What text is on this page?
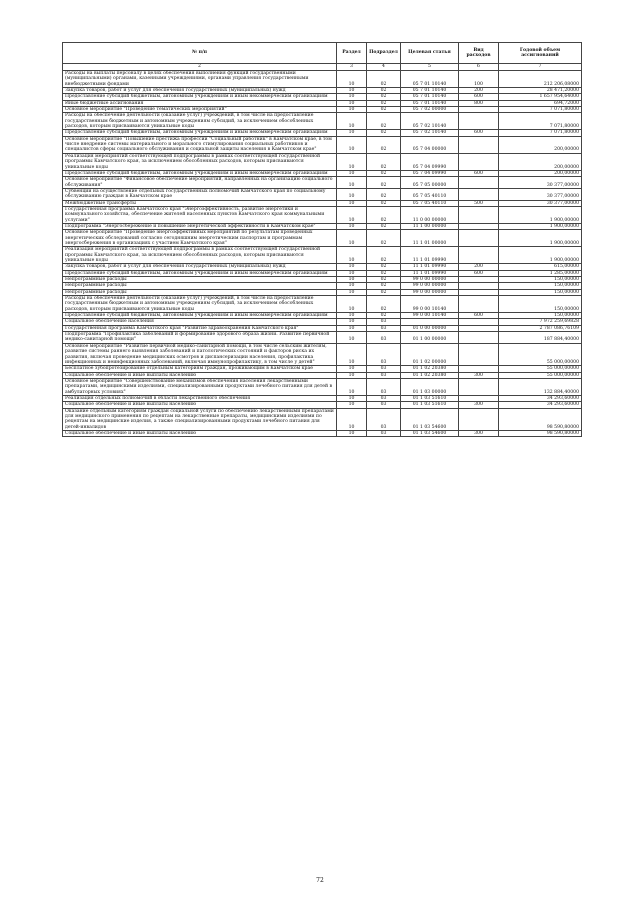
№ п/п	Раздел	Подраздел	Целевая статья	Вид расходов	Годовой объем ассигнований
2	3	4	5	6	7
Расходы на выплаты персоналу в целях обеспечения выполнения функций государственными (муниципальными) органами, казенными учреждениями, органами управления государственными внебюджетными фондами	10	02	05 7 01 10140	100	212 206,08000
Закупка товаров, работ и услуг для обеспечения государственных (муниципальных) нужд	10	02	05 7 01 10140	200	28 471,20000
Предоставление субсидий бюджетным, автономным учреждениям и иным некоммерческим организациям	10	02	05 7 01 10140	600	1 657 954,64000
Иные бюджетные ассигнования	10	02	05 7 01 10140	800	694,72000
Основное мероприятие "Проведение тематических мероприятий"	10	02	05 7 02 00000		7 071,80000
Расходы на обеспечение деятельности (оказание услуг) учреждений, в том числе на предоставление государственным бюджетным и автономным учреждениям субсидий, за исключением обособленных расходов, которым присваиваются уникальные коды	10	02	05 7 02 10140		7 071,80000
Предоставление субсидий бюджетным, автономным учреждениям и иным некоммерческим организациям	10	02	05 7 02 10140	600	7 071,80000
Основное мероприятие "Повышение престижа профессии "Социальный работник" в Камчатском крае, в том числе внедрение системы материального и морального стимулирования социальных работников и специалистов сферы социального обслуживания и социальной защиты населения в Камчатском крае"	10	02	05 7 04 00000		200,00000
Реализация мероприятий соответствующей подпрограммы в рамках соответствующей государственной программы Камчатского края, за исключением обособленных расходов, которым присваиваются уникальные коды	10	02	05 7 04 09990		200,00000
Предоставление субсидий бюджетным, автономным учреждениям и иным некоммерческим организациям	10	02	05 7 04 09990	600	200,00000
Основное мероприятие "Финансовое обеспечение мероприятий, направленных на организацию социального обслуживания"	10	02	05 7 05 00000		30 377,00000
Субвенции на осуществление отдельных государственных полномочий Камчатского края по социальному обслуживанию граждан в Камчатском крае	10	02	05 7 05 40110		30 377,00000
Межбюджетные трансферты	10	02	05 7 05 40110	500	30 377,00000
Государственная программа Камчатского края "Энергоэффективность, развитие энергетики и коммунального хозяйства, обеспечение жителей населенных пунктов Камчатского края коммунальными услугами"	10	02	11 0 00 00000		1 900,00000
Подпрограмма "Энергосбережение и повышение энергетической эффективности в Камчатском крае"	10	02	11 1 00 00000		1 900,00000
Основное мероприятие "Проведение энергоэффективных мероприятий по результатам проведенных энергетических обследований согласно сегодняшним энергетическим паспортам и программам энергосбережения в организациях с участием Камчатского края"	10	02	11 1 01 00000		1 900,00000
Реализация мероприятий соответствующей подпрограммы в рамках соответствующей государственной программы Камчатского края, за исключением обособленных расходов, которым присваиваются уникальные коды	10	02	11 1 01 09990		1 900,00000
Закупка товаров, работ и услуг для обеспечения государственных (муниципальных) нужд	10	02	11 1 01 09990	200	615,00000
Предоставление субсидий бюджетным, автономным учреждениям и иным некоммерческим организациям	10	02	11 1 01 09990	600	1 285,00000
Непрограммные расходы	10	02	99 0 00 00000		150,00000
Непрограммные расходы	10	02	99 0 00 00000		150,00000
Непрограммные расходы	10	02	99 0 00 00000		150,00000
Расходы на обеспечение деятельности (оказание услуг) учреждений, в том числе на предоставление государственным бюджетным и автономным учреждениям субсидий, за исключением обособленных расходов, которым присваиваются уникальные коды	10	02	99 0 00 10140		150,00000
Предоставление субсидий бюджетным, автономным учреждениям и иным некоммерческим организациям	10	02	99 0 00 10140	600	150,00000
Социальное обеспечение населения	10	03			7 972 259,69828
Государственная программа Камчатского края "Развитие здравоохранения Камчатского края"	10	03	01 0 00 00000		2 787 086,76109
Подпрограмма "Профилактика заболеваний и формирование здорового образа жизни. Развитие первичной медико-санитарной помощи"	10	03	01 1 00 00000		187 884,40000
Основное мероприятие "Развитие первичной медико-санитарной помощи, в том числе сельским жителям, развитие системы раннего выявления заболеваний и патологических состояний и факторов риска их развития, включая проведение медицинских осмотров и диспансеризации населения, профилактика инфекционных и неинфекционных заболеваний, включая иммунопрофилактику, в том числе у детей"	10	03	01 1 02 00000		55 000,00000
Бесплатное зубопротезирование отдельным категориям граждан, проживающим в Камчатском крае	10	03	01 1 02 20380		55 000,00000
Социальное обеспечение и иные выплаты населению	10	03	01 1 02 20380	300	55 000,00000
Основное мероприятие "Совершенствование механизмов обеспечения населения лекарственными препаратами, медицинскими изделиями, специализированными продуктами лечебного питания для детей в амбулаторных условиях"	10	03	01 1 03 00000		132 884,40000
Реализация отдельных полномочий в области лекарственного обеспечения	10	03	01 1 03 51610		34 293,60000
Социальное обеспечение и иные выплаты населению	10	03	01 1 03 51610	300	34 293,60000
Оказание отдельным категориям граждан социальной услуги по обеспечению лекарственными препаратами для медицинского применения по рецептам на лекарственные препараты, медицинскими изделиями по рецептам на медицинские изделия, а также специализированными продуктами лечебного питания для детей-инвалидов	10	03	01 1 03 54600		98 590,80000
Социальное обеспечение и иные выплаты населению	10	03	01 1 03 54600	300	98 590,80000
72
